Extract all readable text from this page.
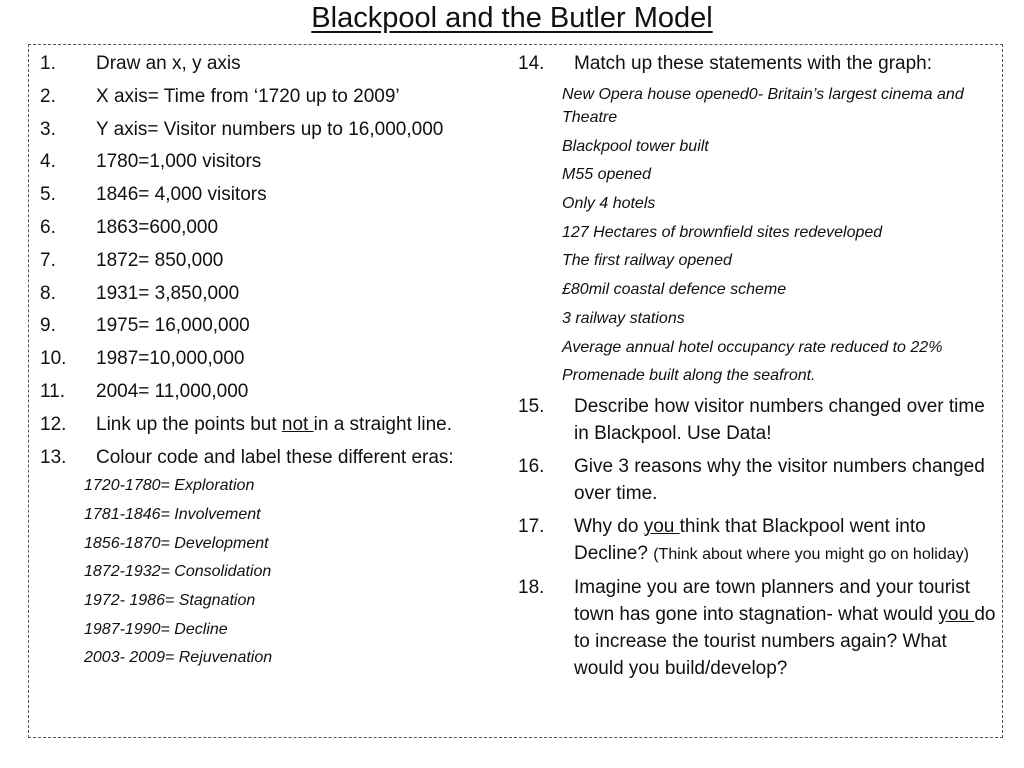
Blackpool and the Butler Model
1. Draw an x, y axis
2. X axis= Time from ‘1720 up to 2009’
3. Y axis= Visitor numbers up to 16,000,000
4. 1780=1,000 visitors
5. 1846= 4,000 visitors
6. 1863=600,000
7. 1872= 850,000
8. 1931= 3,850,000
9. 1975= 16,000,000
10. 1987=10,000,000
11. 2004= 11,000,000
12. Link up the points but not in a straight line.
13. Colour code and label these different eras:
1720-1780= Exploration
1781-1846= Involvement
1856-1870= Development
1872-1932= Consolidation
1972- 1986= Stagnation
1987-1990= Decline
2003- 2009= Rejuvenation
14. Match up these statements with the graph:
New Opera house opened0- Britain’s largest cinema and Theatre
Blackpool tower built
M55 opened
Only 4 hotels
127 Hectares of brownfield sites redeveloped
The first railway opened
£80mil coastal defence scheme
3 railway stations
Average annual hotel occupancy rate reduced to 22%
Promenade built along the seafront.
15. Describe how visitor numbers changed over time in Blackpool. Use Data!
16. Give 3 reasons why the visitor numbers changed over time.
17. Why do you think that Blackpool went into Decline? (Think about where you might go on holiday)
18. Imagine you are town planners and your tourist town has gone into stagnation- what would you do to increase the tourist numbers again? What would you build/develop?
